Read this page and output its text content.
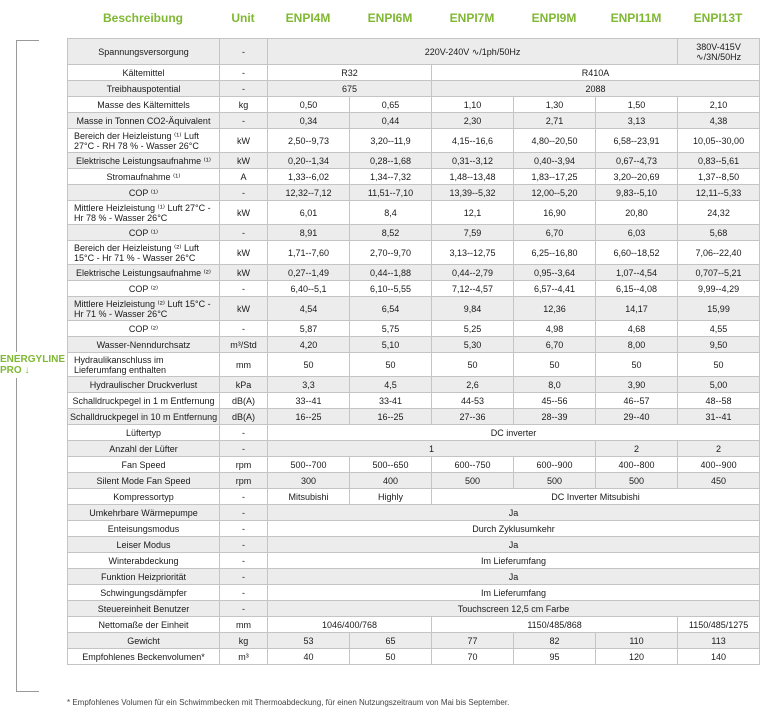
Beschreibung	Unit	ENPI4M	ENPI6M	ENPI7M	ENPI9M	ENPI11M	ENPI13T
ENERGYLINE PRO ↓
Spannungsversorgung	-	220V-240V ∿/1ph/50Hz					380V-415V ∿/3N/50Hz
Kältemittel	-	R32		R410A			
Treibhauspotential	-	675		2088			
Masse des Kältemittels	kg	0,50	0,65	1,10	1,30	1,50	2,10
Masse in Tonnen CO2-Äquivalent	-	0,34	0,44	2,30	2,71	3,13	4,38
Bereich der Heizleistung ⁽¹⁾ Luft 27°C - RH 78 % - Wasser 26°C	kW	2,50--9,73	3,20--11,9	4,15--16,6	4,80--20,50	6,58--23,91	10,05--30,00
Elektrische Leistungsaufnahme ⁽¹⁾	kW	0,20--1,34	0,28--1,68	0,31--3,12	0,40--3,94	0,67--4,73	0,83--5,61
Stromaufnahme ⁽¹⁾	A	1,33--6,02	1,34--7,32	1,48--13,48	1,83--17,25	3,20--20,69	1,37--8,50
COP ⁽¹⁾	-	12,32--7,12	11,51--7,10	13,39--5,32	12,00--5,20	9,83--5,10	12,11--5,33
Mittlere Heizleistung ⁽¹⁾ Luft 27°C - Hr 78 % - Wasser 26°C	kW	6,01	8,4	12,1	16,90	20,80	24,32
COP ⁽¹⁾	-	8,91	8,52	7,59	6,70	6,03	5,68
Bereich der Heizleistung ⁽²⁾ Luft 15°C - Hr 71 % - Wasser 26°C	kW	1,71--7,60	2,70--9,70	3,13--12,75	6,25--16,80	6,60--18,52	7,06--22,40
Elektrische Leistungsaufnahme ⁽²⁾	kW	0,27--1,49	0,44--1,88	0,44--2,79	0,95--3,64	1,07--4,54	0,707--5,21
COP ⁽²⁾	-	6,40--5,1	6,10--5,55	7,12--4,57	6,57--4,41	6,15--4,08	9,99--4,29
Mittlere Heizleistung ⁽²⁾ Luft 15°C - Hr 71 % - Wasser 26°C	kW	4,54	6,54	9,84	12,36	14,17	15,99
COP ⁽²⁾	-	5,87	5,75	5,25	4,98	4,68	4,55
Wasser-Nenndurchsatz	m³/Std	4,20	5,10	5,30	6,70	8,00	9,50
Hydraulikanschluss im Lieferumfang enthalten	mm	50	50	50	50	50	50
Hydraulischer Druckverlust	kPa	3,3	4,5	2,6	8,0	3,90	5,00
Schalldruckpegel in 1 m Entfernung	dB(A)	33--41	33-41	44-53	45--56	46--57	48--58
Schalldruckpegel in 10 m Entfernung	dB(A)	16--25	16--25	27--36	28--39	29--40	31--41
Lüftertyp	-	DC inverter					
Anzahl der Lüfter	-	1				2	2
Fan Speed	rpm	500--700	500--650	600--750	600--900	400--800	400--900
Silent Mode Fan Speed	rpm	300	400	500	500	500	450
Kompressortyp	-	Mitsubishi	Highly	DC Inverter Mitsubishi			
Umkehrbare Wärmepumpe	-	Ja					
Enteisungsmodus	-	Durch Zyklusumkehr					
Leiser Modus	-	Ja					
Winterabdeckung	-	Im Lieferumfang					
Funktion Heizpriorität	-	Ja					
Schwingungsdämpfer	-	Im Lieferumfang					
Steuereinheit Benutzer	-	Touchscreen 12,5 cm Farbe					
Nettomaße der Einheit	mm	1046/400/768		1150/485/868			1150/485/1275
Gewicht	kg	53	65	77	82	110	113
Empfohlenes Beckenvolumen*	m³	40	50	70	95	120	140
* Empfohlenes Volumen für ein Schwimmbecken mit Thermoabdeckung, für einen Nutzungszeitraum von Mai bis September.
